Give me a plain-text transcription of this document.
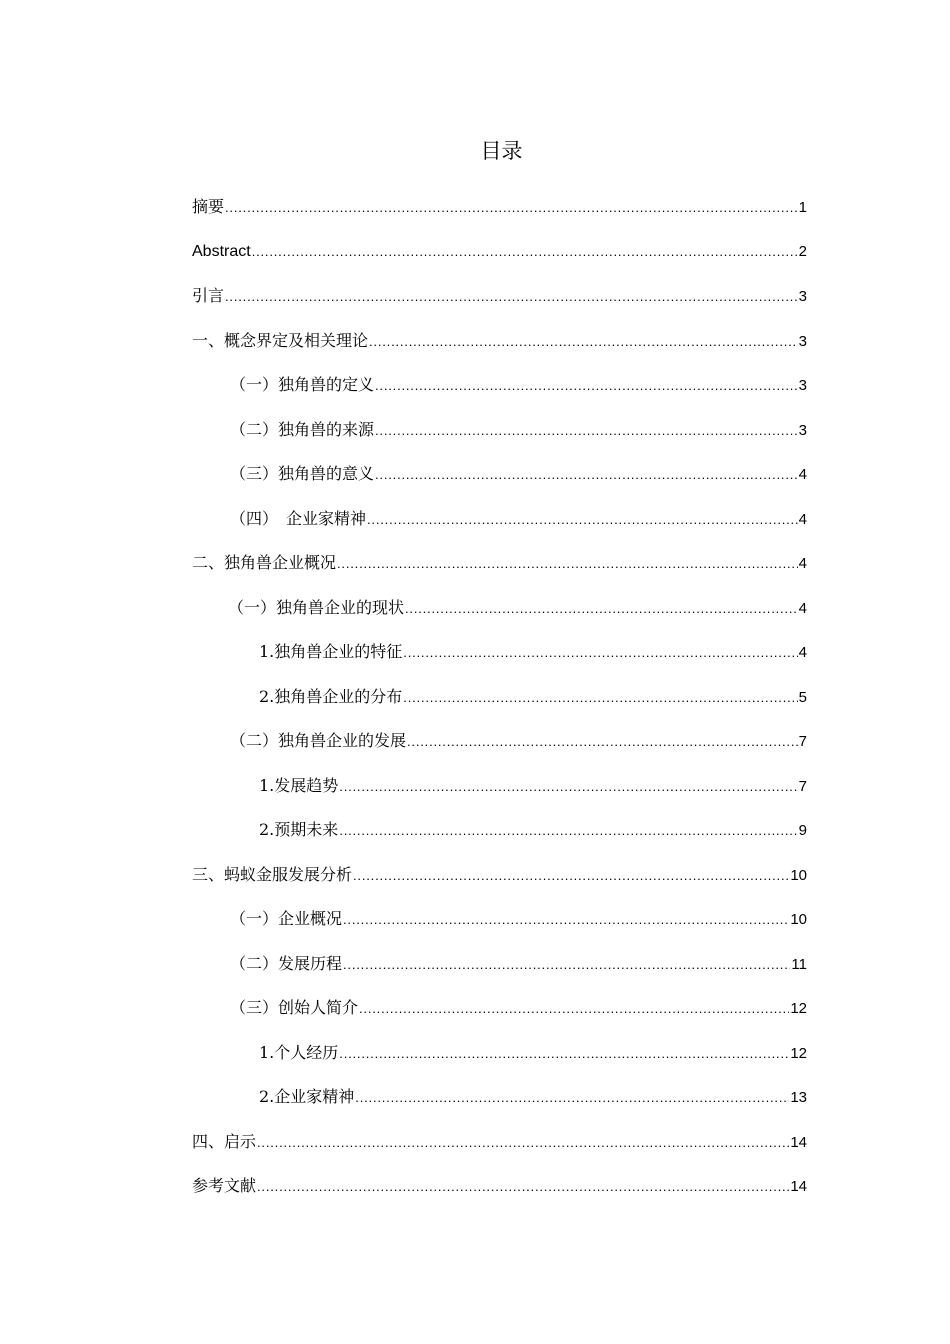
目录
摘要 .....	1
Abstract .....	2
引言 .....	3
一、概念界定及相关理论 .....	3
（一）独角兽的定义 .....	3
（二）独角兽的来源 .....	3
（三）独角兽的意义 .....	4
（四）　企业家精神 .....	4
二、独角兽企业概况 .....	4
（一）独角兽企业的现状 .....	4
1.独角兽企业的特征 .....	4
2.独角兽企业的分布 .....	5
（二）独角兽企业的发展 .....	7
1.发展趋势 .....	7
2.预期未来 .....	9
三、蚂蚁金服发展分析 .....	10
（一）企业概况 .....	10
（二）发展历程 .....	11
（三）创始人简介 .....	12
1.个人经历 .....	12
2.企业家精神 .....	13
四、启示 .....	14
参考文献 .....	14
